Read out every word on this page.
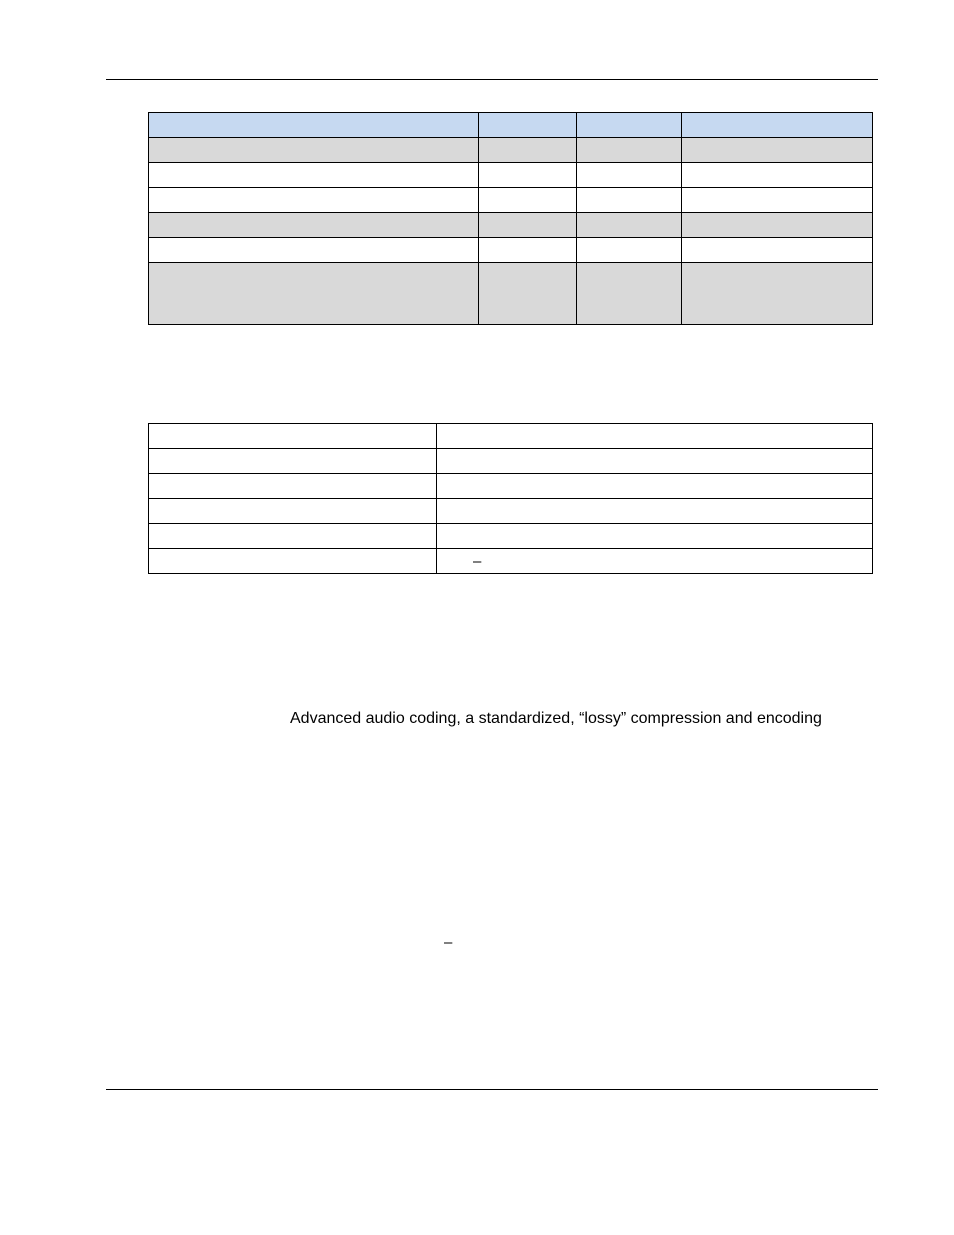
	–
Advanced audio coding, a standardized, “lossy” compression and encoding
–
